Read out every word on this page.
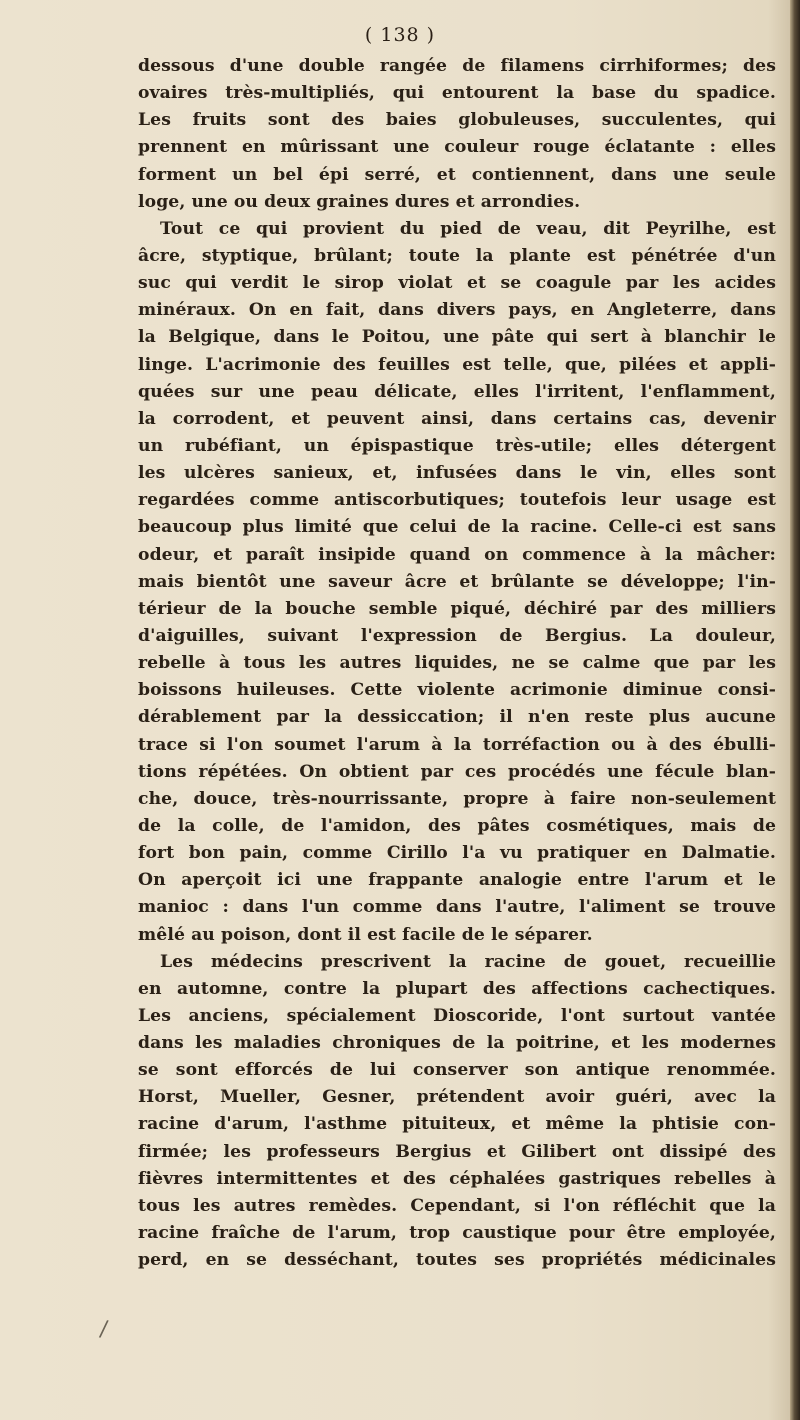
( 138 )
dessous d'une double rangée de filamens cirrhiformes; des
ovaires très-multipliés, qui entourent la base du spadice.
Les fruits sont des baies globuleuses, succulentes, qui
prennent en mûrissant une couleur rouge éclatante : elles
forment un bel épi serré, et contiennent, dans une seule
loge, une ou deux graines dures et arrondies.
Tout ce qui provient du pied de veau, dit Peyrilhe, est
âcre, styptique, brûlant; toute la plante est pénétrée d'un
suc qui verdit le sirop violat et se coagule par les acides
minéraux. On en fait, dans divers pays, en Angleterre, dans
la Belgique, dans le Poitou, une pâte qui sert à blanchir le
linge. L'acrimonie des feuilles est telle, que, pilées et appli-
quées sur une peau délicate, elles l'irritent, l'enflamment,
la corrodent, et peuvent ainsi, dans certains cas, devenir
un rubéfiant, un épispastique très-utile; elles détergent
les ulcères sanieux, et, infusées dans le vin, elles sont
regardées comme antiscorbutiques; toutefois leur usage est
beaucoup plus limité que celui de la racine. Celle-ci est sans
odeur, et paraît insipide quand on commence à la mâcher:
mais bientôt une saveur âcre et brûlante se développe; l'in-
térieur de la bouche semble piqué, déchiré par des milliers
d'aiguilles, suivant l'expression de Bergius. La douleur,
rebelle à tous les autres liquides, ne se calme que par les
boissons huileuses. Cette violente acrimonie diminue consi-
dérablement par la dessiccation; il n'en reste plus aucune
trace si l'on soumet l'arum à la torréfaction ou à des ébulli-
tions répétées. On obtient par ces procédés une fécule blan-
che, douce, très-nourrissante, propre à faire non-seulement
de la colle, de l'amidon, des pâtes cosmétiques, mais de
fort bon pain, comme Cirillo l'a vu pratiquer en Dalmatie.
On aperçoit ici une frappante analogie entre l'arum et le
manioc : dans l'un comme dans l'autre, l'aliment se trouve
mêlé au poison, dont il est facile de le séparer.
Les médecins prescrivent la racine de gouet, recueillie
en automne, contre la plupart des affections cachectiques.
Les anciens, spécialement Dioscoride, l'ont surtout vantée
dans les maladies chroniques de la poitrine, et les modernes
se sont efforcés de lui conserver son antique renommée.
Horst, Mueller, Gesner, prétendent avoir guéri, avec la
racine d'arum, l'asthme pituiteux, et même la phtisie con-
firmée; les professeurs Bergius et Gilibert ont dissipé des
fièvres intermittentes et des céphalées gastriques rebelles à
tous les autres remèdes. Cependant, si l'on réfléchit que la
racine fraîche de l'arum, trop caustique pour être employée,
perd, en se desséchant, toutes ses propriétés médicinales
/
